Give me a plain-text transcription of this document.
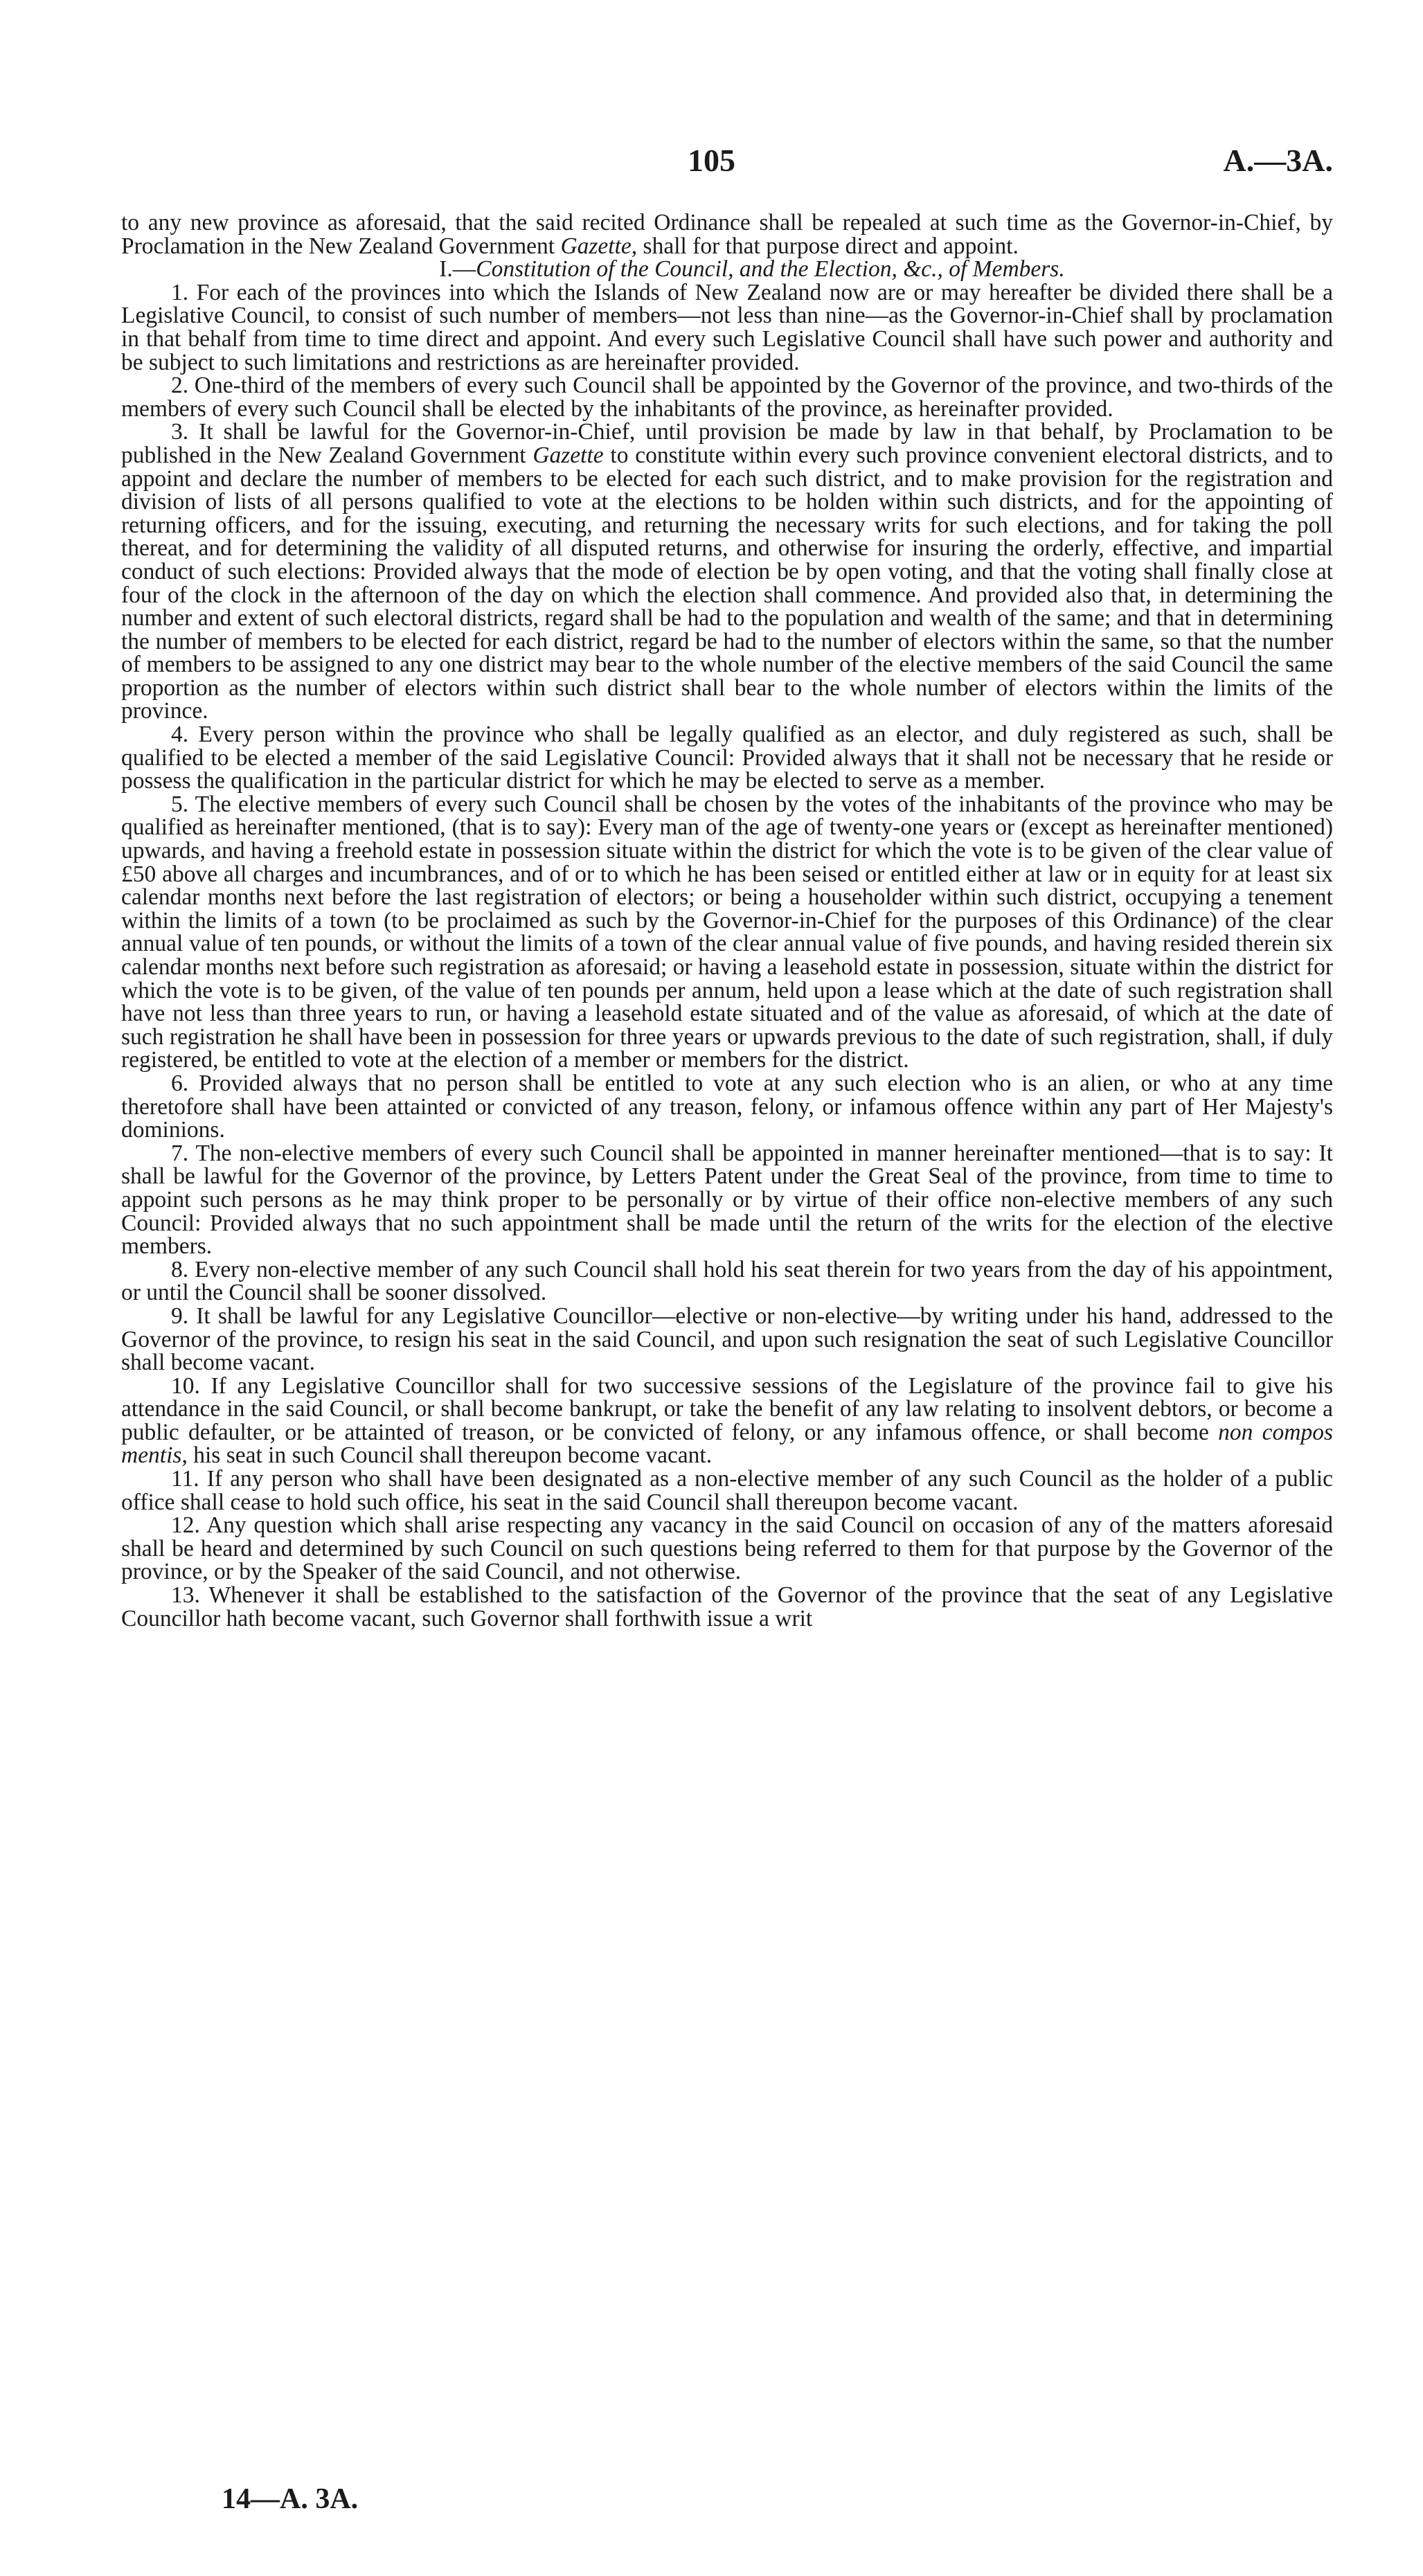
105	A.—3A.

to any new province as aforesaid, that the said recited Ordinance shall be repealed at such time as the Governor-in-Chief, by Proclamation in the New Zealand Government Gazette, shall for that purpose direct and appoint.

I.—Constitution of the Council, and the Election, &c., of Members.

1. For each of the provinces into which the Islands of New Zealand now are or may hereafter be divided there shall be a Legislative Council, to consist of such number of members—not less than nine—as the Governor-in-Chief shall by proclamation in that behalf from time to time direct and appoint. And every such Legislative Council shall have such power and authority and be subject to such limitations and restrictions as are hereinafter provided.

2. One-third of the members of every such Council shall be appointed by the Governor of the province, and two-thirds of the members of every such Council shall be elected by the inhabitants of the province, as hereinafter provided.

3. It shall be lawful for the Governor-in-Chief, until provision be made by law in that behalf, by Proclamation to be published in the New Zealand Government Gazette to constitute within every such province convenient electoral districts, and to appoint and declare the number of members to be elected for each such district, and to make provision for the registration and division of lists of all persons qualified to vote at the elections to be holden within such districts, and for the appointing of returning officers, and for the issuing, executing, and returning the necessary writs for such elections, and for taking the poll thereat, and for determining the validity of all disputed returns, and otherwise for insuring the orderly, effective, and impartial conduct of such elections: Provided always that the mode of election be by open voting, and that the voting shall finally close at four of the clock in the afternoon of the day on which the election shall commence. And provided also that, in determining the number and extent of such electoral districts, regard shall be had to the population and wealth of the same; and that in determining the number of members to be elected for each district, regard be had to the number of electors within the same, so that the number of members to be assigned to any one district may bear to the whole number of the elective members of the said Council the same proportion as the number of electors within such district shall bear to the whole number of electors within the limits of the province.

4. Every person within the province who shall be legally qualified as an elector, and duly registered as such, shall be qualified to be elected a member of the said Legislative Council: Provided always that it shall not be necessary that he reside or possess the qualification in the particular district for which he may be elected to serve as a member.

5. The elective members of every such Council shall be chosen by the votes of the inhabitants of the province who may be qualified as hereinafter mentioned, (that is to say): Every man of the age of twenty-one years or (except as hereinafter mentioned) upwards, and having a freehold estate in possession situate within the district for which the vote is to be given of the clear value of £50 above all charges and incumbrances, and of or to which he has been seised or entitled either at law or in equity for at least six calendar months next before the last registration of electors; or being a householder within such district, occupying a tenement within the limits of a town (to be proclaimed as such by the Governor-in-Chief for the purposes of this Ordinance) of the clear annual value of ten pounds, or without the limits of a town of the clear annual value of five pounds, and having resided therein six calendar months next before such registration as aforesaid; or having a leasehold estate in possession, situate within the district for which the vote is to be given, of the value of ten pounds per annum, held upon a lease which at the date of such registration shall have not less than three years to run, or having a leasehold estate situated and of the value as aforesaid, of which at the date of such registration he shall have been in possession for three years or upwards previous to the date of such registration, shall, if duly registered, be entitled to vote at the election of a member or members for the district.

6. Provided always that no person shall be entitled to vote at any such election who is an alien, or who at any time theretofore shall have been attainted or convicted of any treason, felony, or infamous offence within any part of Her Majesty's dominions.

7. The non-elective members of every such Council shall be appointed in manner hereinafter mentioned—that is to say: It shall be lawful for the Governor of the province, by Letters Patent under the Great Seal of the province, from time to time to appoint such persons as he may think proper to be personally or by virtue of their office non-elective members of any such Council: Provided always that no such appointment shall be made until the return of the writs for the election of the elective members.

8. Every non-elective member of any such Council shall hold his seat therein for two years from the day of his appointment, or until the Council shall be sooner dissolved.

9. It shall be lawful for any Legislative Councillor—elective or non-elective—by writing under his hand, addressed to the Governor of the province, to resign his seat in the said Council, and upon such resignation the seat of such Legislative Councillor shall become vacant.

10. If any Legislative Councillor shall for two successive sessions of the Legislature of the province fail to give his attendance in the said Council, or shall become bankrupt, or take the benefit of any law relating to insolvent debtors, or become a public defaulter, or be attainted of treason, or be convicted of felony, or any infamous offence, or shall become non compos mentis, his seat in such Council shall thereupon become vacant.

11. If any person who shall have been designated as a non-elective member of any such Council as the holder of a public office shall cease to hold such office, his seat in the said Council shall thereupon become vacant.

12. Any question which shall arise respecting any vacancy in the said Council on occasion of any of the matters aforesaid shall be heard and determined by such Council on such questions being referred to them for that purpose by the Governor of the province, or by the Speaker of the said Council, and not otherwise.

13. Whenever it shall be established to the satisfaction of the Governor of the province that the seat of any Legislative Councillor hath become vacant, such Governor shall forthwith issue a writ

14—A. 3A.
